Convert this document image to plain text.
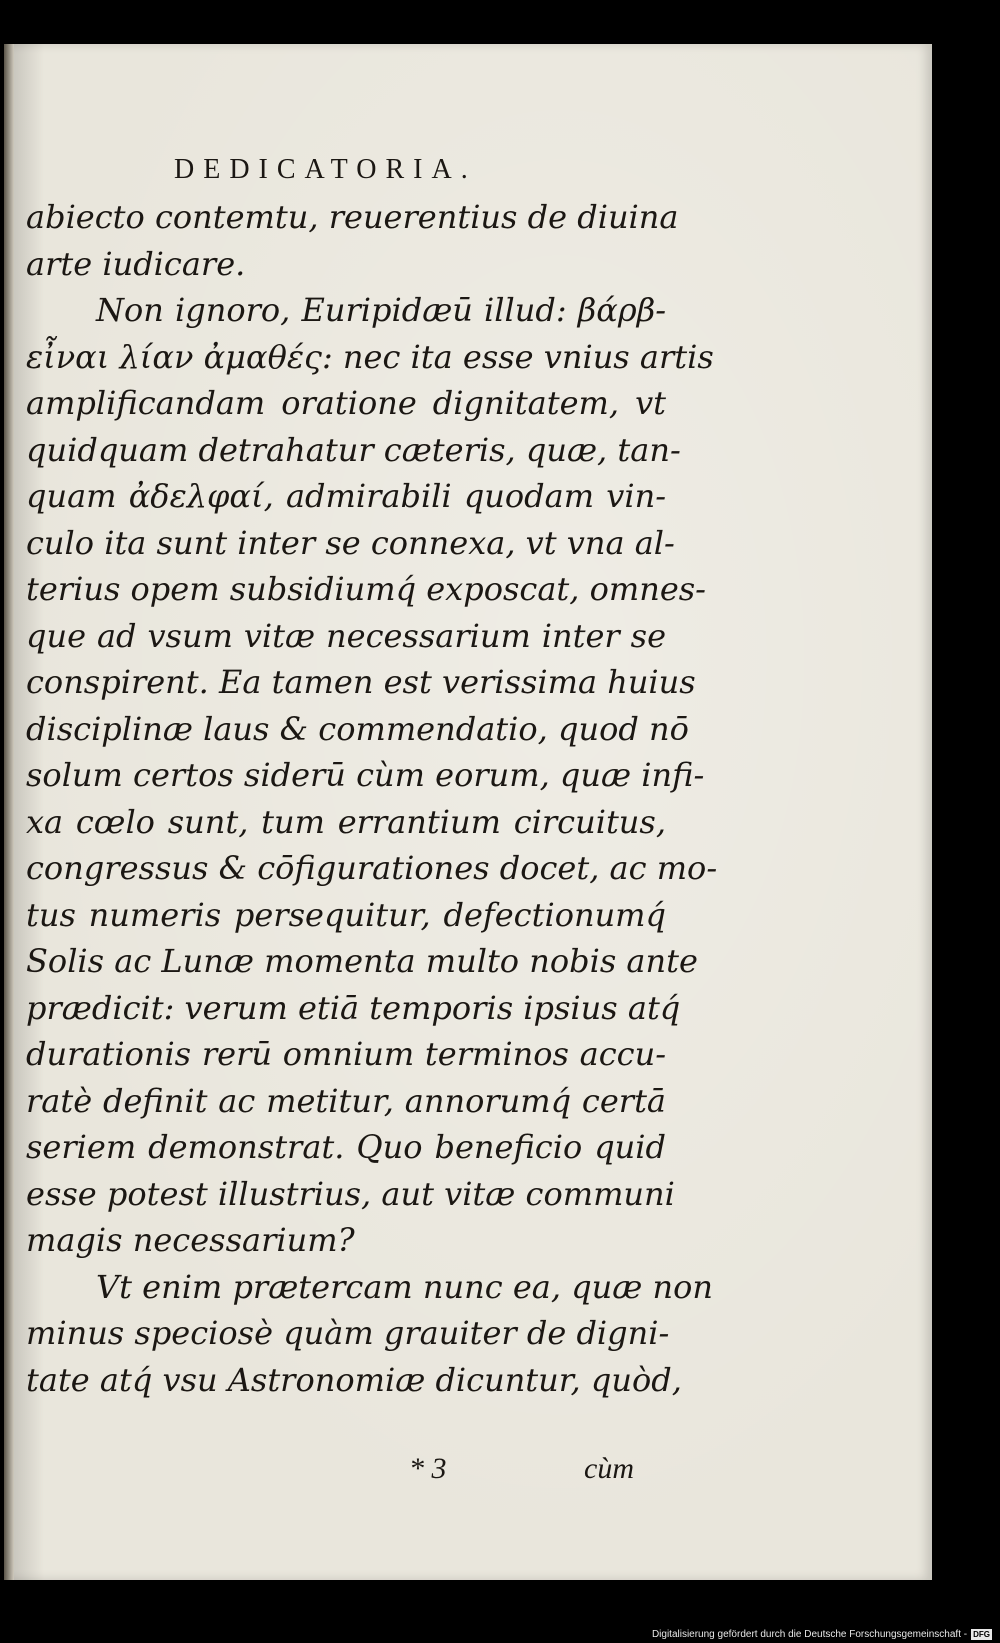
DEDICATORIA.
abiecto contemtu, reuerentius de diuina
arte iudicare.
Non ignoro, Euripidæū illud: βάρβ-
εἶναι λίαν ἀμαθές: nec ita esse vnius artis
amplificandam oratione dignitatem, vt
quidquam detrahatur cæteris, quæ, tan-
quam ἀδελφαί, admirabili quodam vin-
culo ita sunt inter se connexa, vt vna al-
terius opem subsidiumq́ exposcat, omnes-
que ad vsum vitæ necessarium inter se
conspirent. Ea tamen est verissima huius
disciplinæ laus & commendatio, quod nō
solum certos siderū cùm eorum, quæ infi-
xa cœlo sunt, tum errantium circuitus,
congressus & cōfigurationes docet, ac mo-
tus numeris persequitur, defectionumq́
Solis ac Lunæ momenta multo nobis ante
prædicit: verum etiā temporis ipsius atq́
durationis rerū omnium terminos accu-
ratè definit ac metitur, annorumq́ certā
seriem demonstrat. Quo beneficio quid
esse potest illustrius, aut vitæ communi
magis necessarium?
Vt enim prætercam nunc ea, quæ non
minus speciosè quàm grauiter de digni-
tate atq́ vsu Astronomiæ dicuntur, quòd,
* 3	cùm
Digitalisierung gefördert durch die Deutsche Forschungsgemeinschaft - DFG
